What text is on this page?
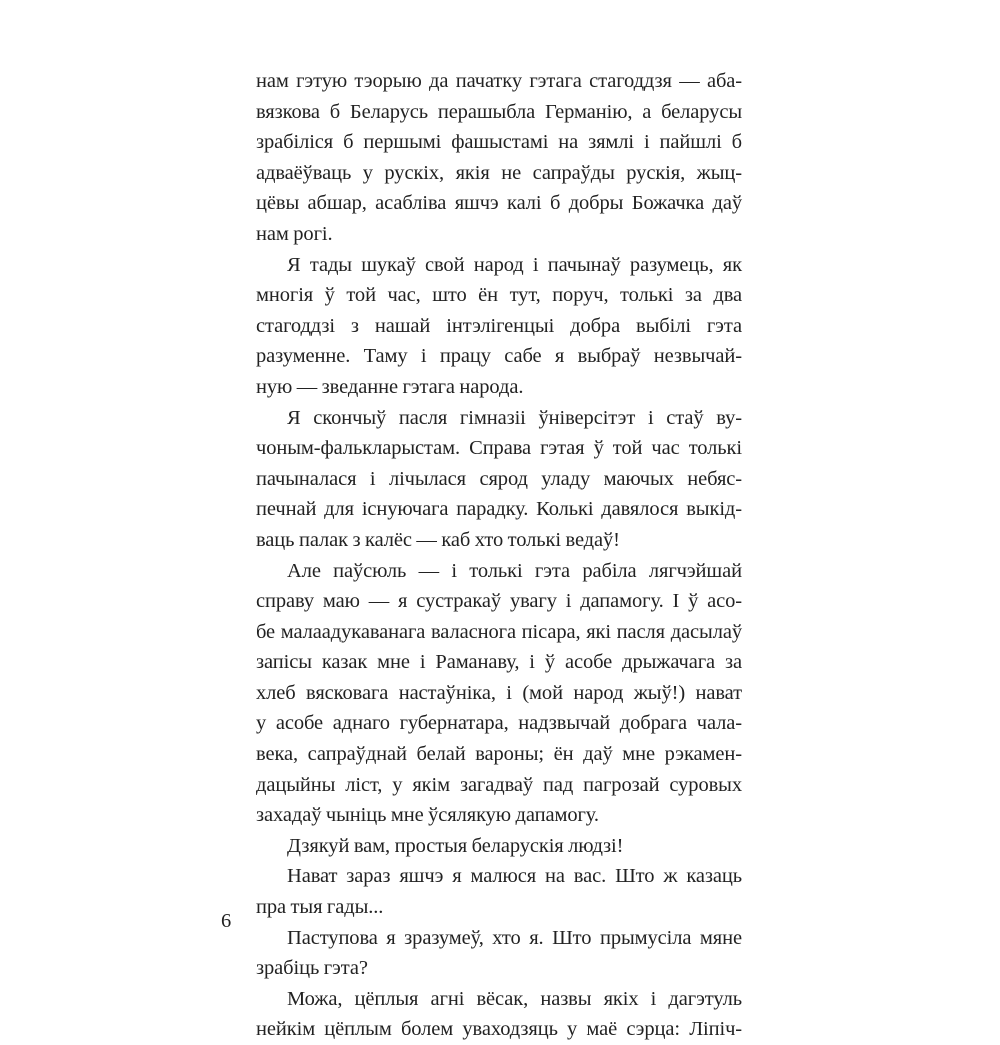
нам гэтую тэорыю да пачатку гэтага стагоддзя — аба-
вязкова б Беларусь перашыбла Германію, а беларусы
зрабіліся б першымі фашыстамі на зямлі і пайшлі б
адваёўваць у рускіх, якія не сапраўды рускія, жыц-
цёвы абшар, асабліва яшчэ калі б добры Божачка даў
нам рогі.
Я тады шукаў свой народ і пачынаў разумець, як
многія ў той час, што ён тут, поруч, толькі за два
стагоддзі з нашай інтэлігенцыі добра выбілі гэта
разуменне. Таму і працу сабе я выбраў незвычай-
ную — зведанне гэтага народа.
Я скончыў пасля гімназіі ўніверсітэт і стаў ву-
чоным-фалькларыстам. Справа гэтая ў той час толькі
пачыналася і лічылася сярод уладу маючых небяс-
печнай для існуючага парадку. Колькі давялося выкід-
ваць палак з калёс — каб хто толькі ведаў!
Але паўсюль — і толькі гэта рабіла лягчэйшай
справу маю — я сустракаў увагу і дапамогу. І ў асо-
бе малаадукаванага валаснога пісара, які пасля дасылаў
запісы казак мне і Раманаву, і ў асобе дрыжачага за
хлеб вясковага настаўніка, і (мой народ жыў!) нават
у асобе аднаго губернатара, надзвычай добрага чала-
века, сапраўднай белай вароны; ён даў мне рэкамен-
дацыйны ліст, у якім загадваў пад пагрозай суровых
захадаў чыніць мне ўсялякую дапамогу.
Дзякуй вам, простыя беларускія людзі!
Нават зараз яшчэ я малюся на вас. Што ж казаць
пра тыя гады...
Паступова я зразумеў, хто я. Што прымусіла мяне
зрабіць гэта?
Можа, цёплыя агні вёсак, назвы якіх і дагэтуль
нейкім цёплым болем уваходзяць у маё сэрца: Ліпіч-
6
